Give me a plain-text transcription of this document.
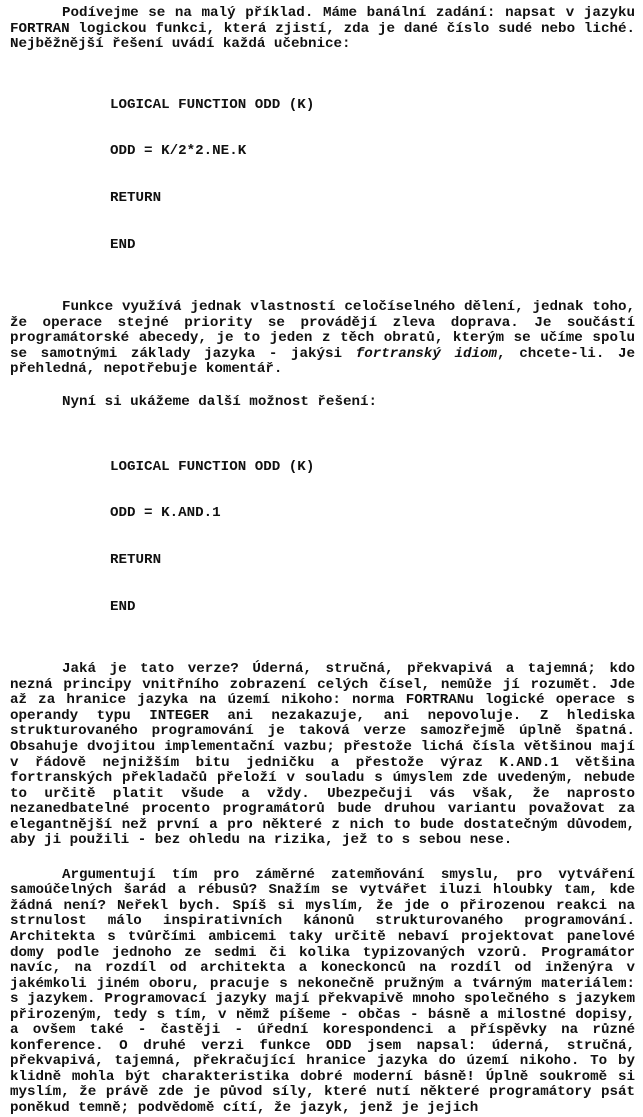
Podívejme se na malý příklad. Máme banální zadání: napsat v jazyku FORTRAN logickou funkci, která zjistí, zda je dané číslo sudé nebo liché. Nejběžnější řešení uvádí každá učebnice:

LOGICAL FUNCTION ODD (K)

ODD = K/2*2.NE.K

RETURN

END

Funkce využívá jednak vlastností celočíselného dělení, jednak toho, že operace stejné priority se provádějí zleva doprava. Je součástí programátorské abecedy, je to jeden z těch obratů, kterým se učíme spolu se samotnými základy jazyka - jakýsi fortranský idiom, chcete-li. Je přehledná, nepotřebuje komentář.

Nyní si ukážeme další možnost řešení:

LOGICAL FUNCTION ODD (K)

ODD = K.AND.1

RETURN

END

Jaká je tato verze? Úderná, stručná, překvapivá a tajemná; kdo nezná principy vnitřního zobrazení celých čísel, nemůže jí rozumět. Jde až za hranice jazyka na území nikoho: norma FORTRANu logické operace s operandy typu INTEGER ani nezakazuje, ani nepovoluje. Z hlediska strukturovaného programování je taková verze samozřejmě úplně špatná. Obsahuje dvojitou implementační vazbu; přestože lichá čísla většinou mají v řádově nejnižším bitu jedničku a přestože výraz K.AND.1 většina fortranských překladačů přeloží v souladu s úmyslem zde uvedeným, nebude to určitě platit všude a vždy. Ubezpečuji vás však, že naprosto nezanedbatelné procento programátorů bude druhou variantu považovat za elegantnější než první a pro některé z nich to bude dostatečným důvodem, aby ji použili - bez ohledu na rizika, jež to s sebou nese.

Argumentují tím pro záměrné zatemňování smyslu, pro vytváření samoúčelných šarád a rébusů? Snažím se vytvářet iluzi hloubky tam, kde žádná není? Neřekl bych. Spíš si myslím, že jde o přirozenou reakci na strnulost málo inspirativních kánonů strukturovaného programování. Architekta s tvůrčími ambicemi taky určitě nebaví projektovat panelové domy podle jednoho ze sedmi či kolika typizovaných vzorů. Programátor navíc, na rozdíl od architekta a koneckonců na rozdíl od inženýra v jakémkoli jiném oboru, pracuje s nekonečně pružným a tvárným materiálem: s jazykem. Programovací jazyky mají překvapivě mnoho společného s jazykem přirozeným, tedy s tím, v němž píšeme - občas - básně a milostné dopisy, a ovšem také - častěji - úřední korespondenci a příspěvky na různé konference. O druhé verzi funkce ODD jsem napsal: úderná, stručná, překvapivá, tajemná, překračující hranice jazyka do území nikoho. To by klidně mohla být charakteristika dobré moderní básně! Úplně soukromě si myslím, že právě zde je původ síly, které nutí některé programátory psát poněkud temně; podvědomě cítí, že jazyk, jenž je jejich
